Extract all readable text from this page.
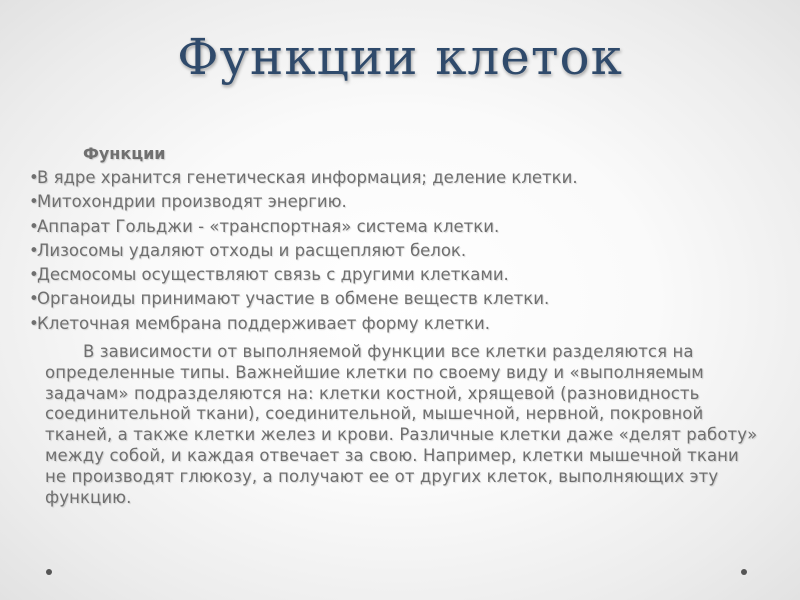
Функции клеток
Функции
•В ядре хранится генетическая информация; деление клетки.
•Митохондрии производят энергию.
•Аппарат Гольджи - «транспортная» система клетки.
•Лизосомы удаляют отходы и расщепляют белок.
•Десмосомы осуществляют связь с другими клетками.
•Органоиды принимают участие в обмене веществ клетки.
•Клеточная мембрана поддерживает форму клетки.

В зависимости от выполняемой функции все клетки разделяются на определенные типы. Важнейшие клетки по своему виду и «выполняемым задачам» подразделяются на: клетки костной, хрящевой (разновидность соединительной ткани), соединительной, мышечной, нервной, покровной тканей, а также клетки желез и крови. Различные клетки даже «делят работу» между собой, и каждая отвечает за свою. Например, клетки мышечной ткани не производят глюкозу, а получают ее от других клеток, выполняющих эту функцию.
